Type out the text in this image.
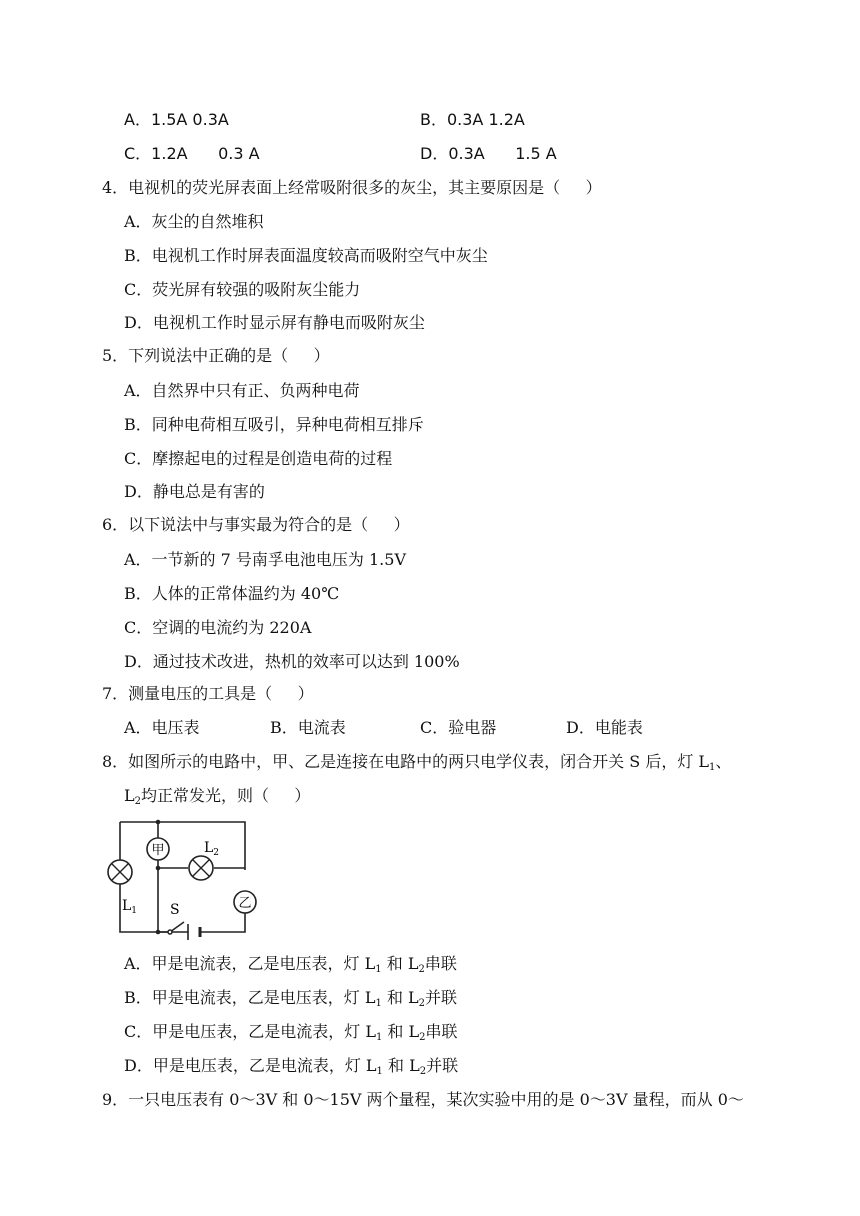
A．1.5A 0.3A	B．0.3A 1.2A
C．1.2A      0.3 A	D．0.3A      1.5 A
4．电视机的荧光屏表面上经常吸附很多的灰尘，其主要原因是（     ）
A．灰尘的自然堆积
B．电视机工作时屏表面温度较高而吸附空气中灰尘
C．荧光屏有较强的吸附灰尘能力
D．电视机工作时显示屏有静电而吸附灰尘
5．下列说法中正确的是（     ）
A．自然界中只有正、负两种电荷
B．同种电荷相互吸引，异种电荷相互排斥
C．摩擦起电的过程是创造电荷的过程
D．静电总是有害的
6．以下说法中与事实最为符合的是（     ）
A．一节新的 7 号南孚电池电压为 1.5V
B．人体的正常体温约为 40℃
C．空调的电流约为 220A
D．通过技术改进，热机的效率可以达到 100%
7．测量电压的工具是（     ）
A．电压表	B．电流表	C．验电器	D．电能表
8．如图所示的电路中，甲、乙是连接在电路中的两只电学仪表，闭合开关 S 后，灯 $L_1$、
$L_2$均正常发光，则（     ）
甲
乙
$L_1$
$L_2$
S
A．甲是电流表，乙是电压表，灯 $L_1$ 和 $L_2$串联
B．甲是电流表，乙是电压表，灯 $L_1$ 和 $L_2$并联
C．甲是电压表，乙是电流表，灯 $L_1$ 和 $L_2$串联
D．甲是电压表，乙是电流表，灯 $L_1$ 和 $L_2$并联
9．一只电压表有 0～3V 和 0～15V 两个量程，某次实验中用的是 0～3V 量程，而从 0～
